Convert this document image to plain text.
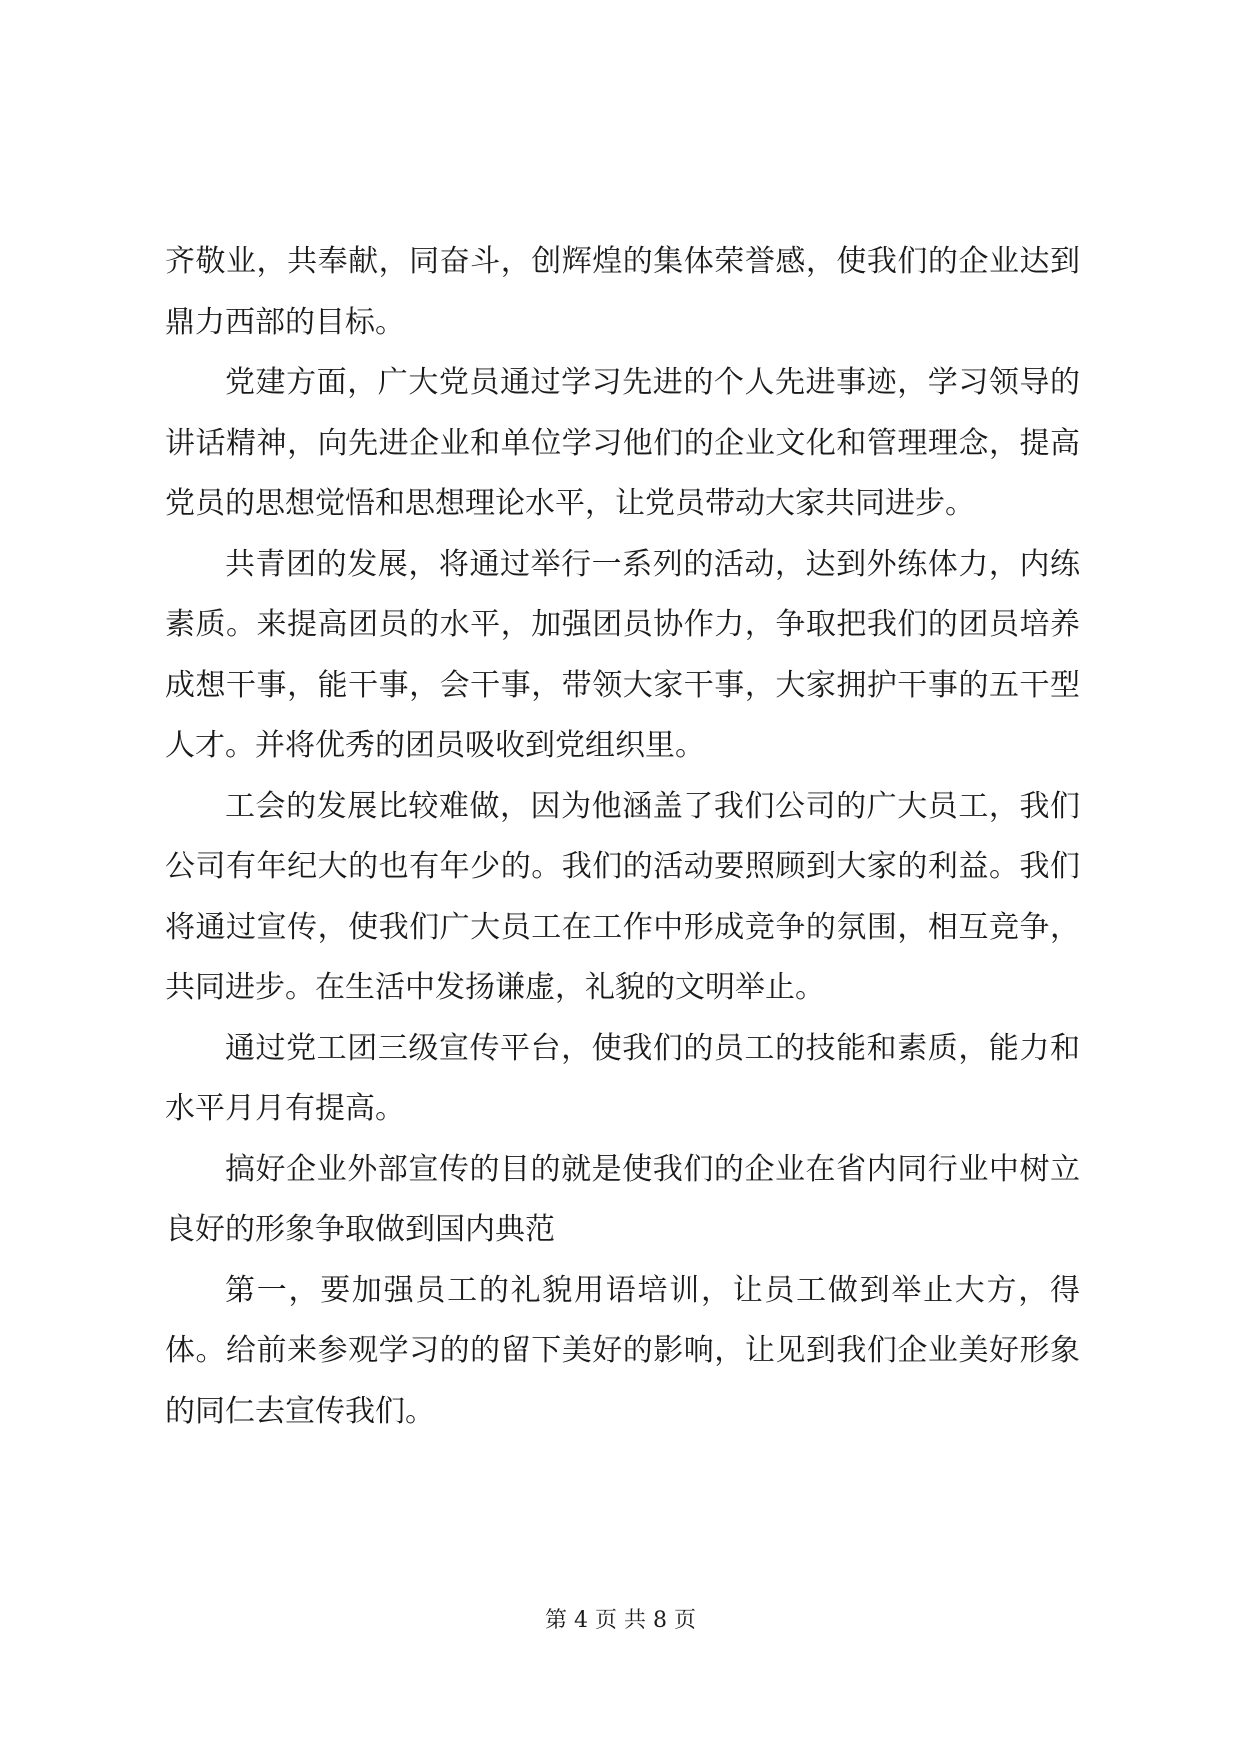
齐敬业，共奉献，同奋斗，创辉煌的集体荣誉感，使我们的企业达到鼎力西部的目标。

党建方面，广大党员通过学习先进的个人先进事迹，学习领导的讲话精神，向先进企业和单位学习他们的企业文化和管理理念，提高党员的思想觉悟和思想理论水平，让党员带动大家共同进步。

共青团的发展，将通过举行一系列的活动，达到外练体力，内练素质。来提高团员的水平，加强团员协作力，争取把我们的团员培养成想干事，能干事，会干事，带领大家干事，大家拥护干事的五干型人才。并将优秀的团员吸收到党组织里。

工会的发展比较难做，因为他涵盖了我们公司的广大员工，我们公司有年纪大的也有年少的。我们的活动要照顾到大家的利益。我们将通过宣传，使我们广大员工在工作中形成竞争的氛围，相互竞争，共同进步。在生活中发扬谦虚，礼貌的文明举止。

通过党工团三级宣传平台，使我们的员工的技能和素质，能力和水平月月有提高。

搞好企业外部宣传的目的就是使我们的企业在省内同行业中树立良好的形象争取做到国内典范

第一，要加强员工的礼貌用语培训，让员工做到举止大方，得体。给前来参观学习的的留下美好的影响，让见到我们企业美好形象的同仁去宣传我们。

第 4 页 共 8 页
